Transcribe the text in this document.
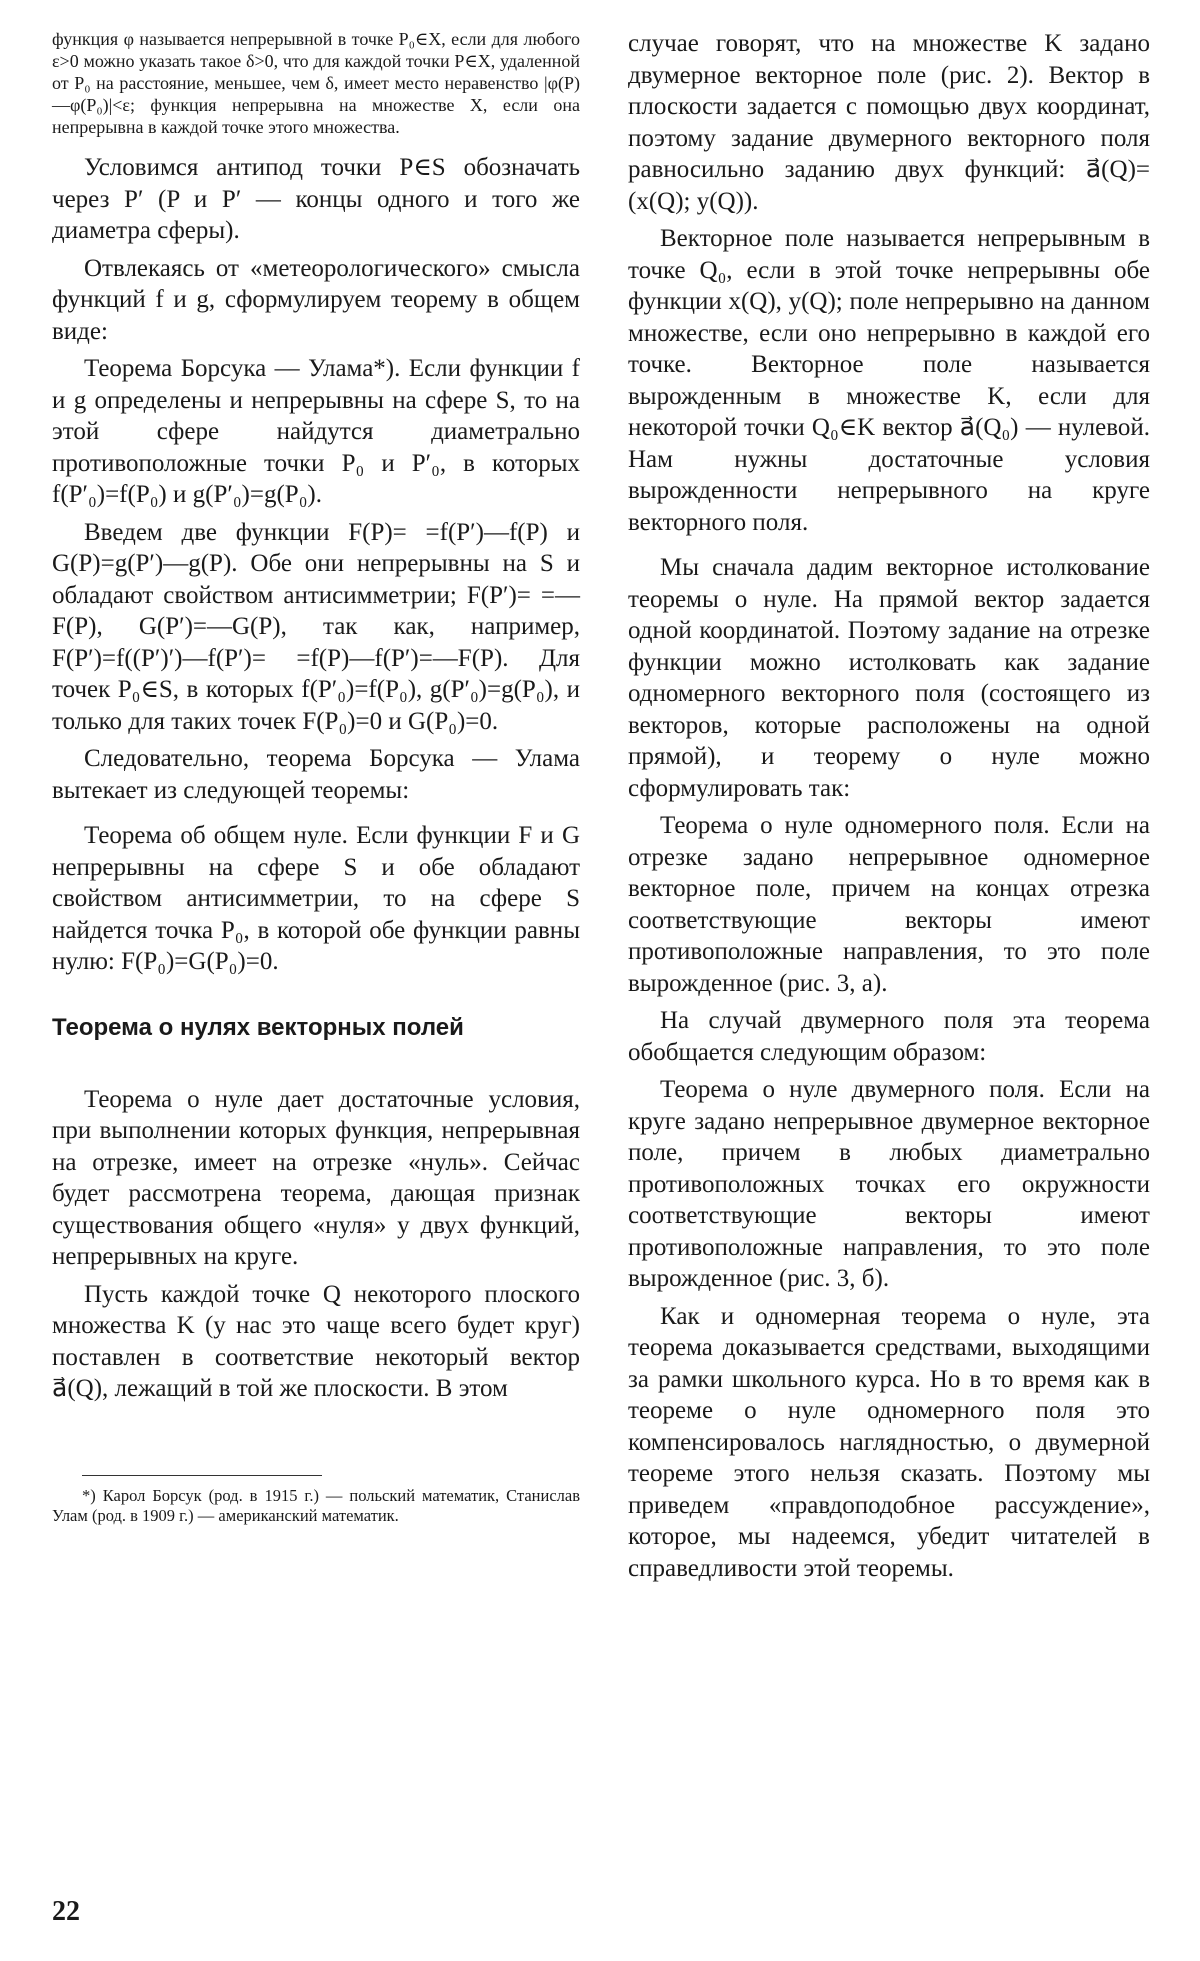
функция φ называется непрерывной в точке P₀∈X, если для любого ε>0 можно указать такое δ>0, что для каждой точки P∈X, удаленной от P₀ на расстояние, меньшее, чем δ, имеет место неравенство |φ(P)—φ(P₀)|<ε; функция непрерывна на множестве X, если она непрерывна в каждой точке этого множества.

Условимся антипод точки P∈S обозначать через P′ (P и P′ — концы одного и того же диаметра сферы).

Отвлекаясь от «метеорологического» смысла функций f и g, сформулируем теорему в общем виде:

Теорема Борсука — Улама*). Если функции f и g определены и непрерывны на сфере S, то на этой сфере найдутся диаметрально противоположные точки P₀ и P′₀, в которых f(P′₀)=f(P₀) и g(P′₀)=g(P₀).

Введем две функции F(P)= =f(P′)—f(P) и G(P)=g(P′)—g(P). Обе они непрерывны на S и обладают свойством антисимметрии; F(P′)= =—F(P), G(P′)=—G(P), так как, например, F(P′)=f((P′)′)—f(P′)= =f(P)—f(P′)=—F(P). Для точек P₀∈S, в которых f(P′₀)=f(P₀), g(P′₀)=g(P₀), и только для таких точек F(P₀)=0 и G(P₀)=0.

Следовательно, теорема Борсука — Улама вытекает из следующей теоремы:

Теорема об общем нуле. Если функции F и G непрерывны на сфере S и обе обладают свойством антисимметрии, то на сфере S найдется точка P₀, в которой обе функции равны нулю: F(P₀)=G(P₀)=0.

Теорема о нулях векторных полей

Теорема о нуле дает достаточные условия, при выполнении которых функция, непрерывная на отрезке, имеет на отрезке «нуль». Сейчас будет рассмотрена теорема, дающая признак существования общего «нуля» у двух функций, непрерывных на круге.

Пусть каждой точке Q некоторого плоского множества K (у нас это чаще всего будет круг) поставлен в соответствие некоторый вектор a⃗(Q), лежащий в той же плоскости. В этом

*) Карол Борсук (род. в 1915 г.) — польский математик, Станислав Улам (род. в 1909 г.) — американский математик.

случае говорят, что на множестве K задано двумерное векторное поле (рис. 2). Вектор в плоскости задается с помощью двух координат, поэтому задание двумерного векторного поля равносильно заданию двух функций: a⃗(Q)=(x(Q); y(Q)).

Векторное поле называется непрерывным в точке Q₀, если в этой точке непрерывны обе функции x(Q), y(Q); поле непрерывно на данном множестве, если оно непрерывно в каждой его точке. Векторное поле называется вырожденным в множестве K, если для некоторой точки Q₀∈K вектор a⃗(Q₀) — нулевой. Нам нужны достаточные условия вырожденности непрерывного на круге векторного поля.

Мы сначала дадим векторное истолкование теоремы о нуле. На прямой вектор задается одной координатой. Поэтому задание на отрезке функции можно истолковать как задание одномерного векторного поля (состоящего из векторов, которые расположены на одной прямой), и теорему о нуле можно сформулировать так:

Теорема о нуле одномерного поля. Если на отрезке задано непрерывное одномерное векторное поле, причем на концах отрезка соответствующие векторы имеют противоположные направления, то это поле вырожденное (рис. 3, а).

На случай двумерного поля эта теорема обобщается следующим образом:

Теорема о нуле двумерного поля. Если на круге задано непрерывное двумерное векторное поле, причем в любых диаметрально противоположных точках его окружности соответствующие векторы имеют противоположные направления, то это поле вырожденное (рис. 3, б).

Как и одномерная теорема о нуле, эта теорема доказывается средствами, выходящими за рамки школьного курса. Но в то время как в теореме о нуле одномерного поля это компенсировалось наглядностью, о двумерной теореме этого нельзя сказать. Поэтому мы приведем «правдоподобное рассуждение», которое, мы надеемся, убедит читателей в справедливости этой теоремы.

22
